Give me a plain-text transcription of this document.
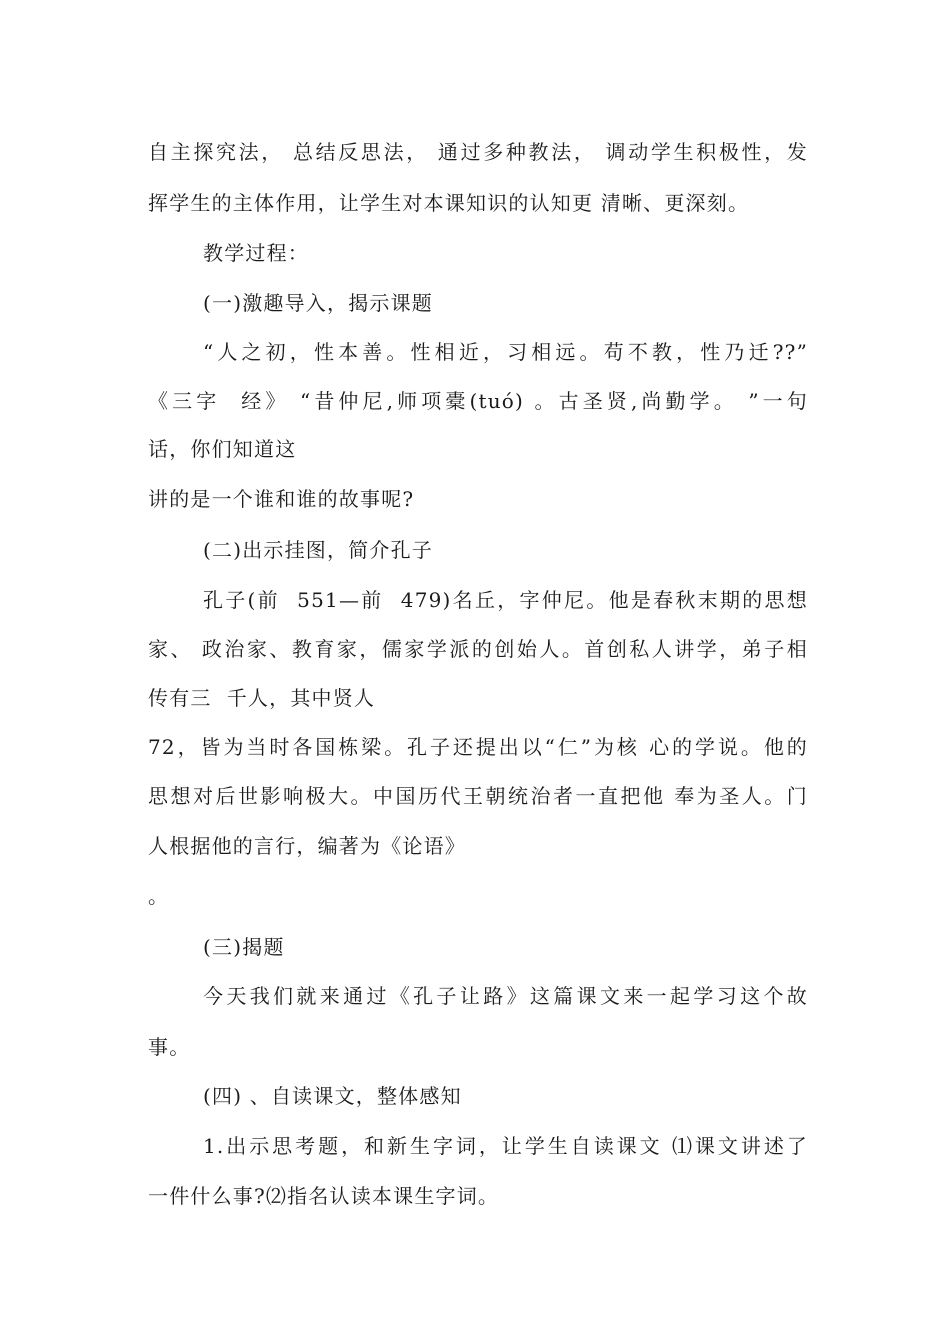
自主探究法， 总结反思法， 通过多种教法， 调动学生积极性，发
挥学生的主体作用，让学生对本课知识的认知更 清晰、更深刻。
教学过程：
(一)激趣导入，揭示课题
“人之初，性本善。性相近，习相远。苟不教，性乃迁??”
《三字  经》 “昔仲尼,师项橐(tuó) 。古圣贤,尚勤学。 ”一句
话，你们知道这
讲的是一个谁和谁的故事呢?
(二)出示挂图，简介孔子
孔子(前  551—前  479)名丘，字仲尼。他是春秋末期的思想
家、 政治家、教育家，儒家学派的创始人。首创私人讲学，弟子相
传有三  千人，其中贤人
72，皆为当时各国栋梁。孔子还提出以“仁”为核 心的学说。他的
思想对后世影响极大。中国历代王朝统治者一直把他 奉为圣人。门
人根据他的言行，编著为《论语》
。
(三)揭题
今天我们就来通过《孔子让路》这篇课文来一起学习这个故
事。
(四) 、自读课文，整体感知
1.出示思考题，和新生字词，让学生自读课文 ⑴课文讲述了
一件什么事?⑵指名认读本课生字词。
